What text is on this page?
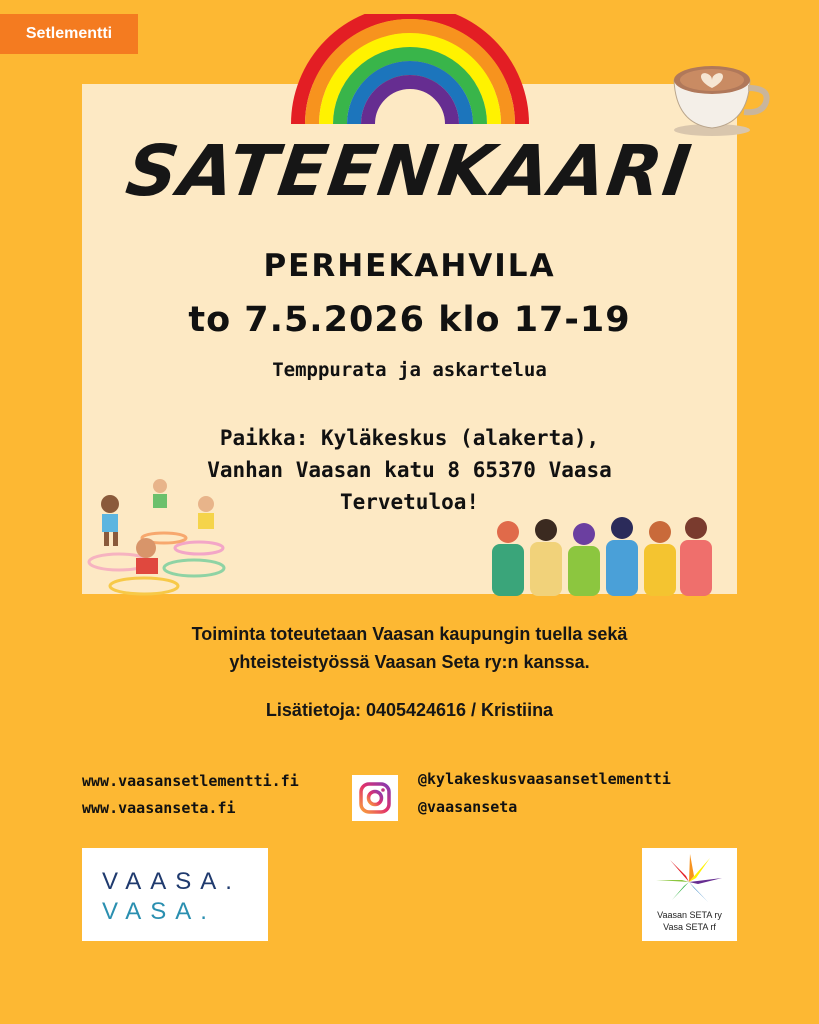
Setlementti
SATEENKAARI
PERHEKAHVILA
to 7.5.2026 klo 17-19
Temppurata ja askartelua
Paikka: Kyläkeskus (alakerta),
Vanhan Vaasan katu 8 65370 Vaasa
Tervetuloa!
Toiminta toteutetaan Vaasan kaupungin tuella sekä
yhteisteistyössä Vaasan Seta ry:n kanssa.
Lisätietoja: 0405424616 / Kristiina
www.vaasansetlementti.fi
www.vaasanseta.fi
@kylakeskusvaasansetlementti
@vaasanseta
VAASA.
VASA.	Vaasan SETA ry
Vasa SETA rf
